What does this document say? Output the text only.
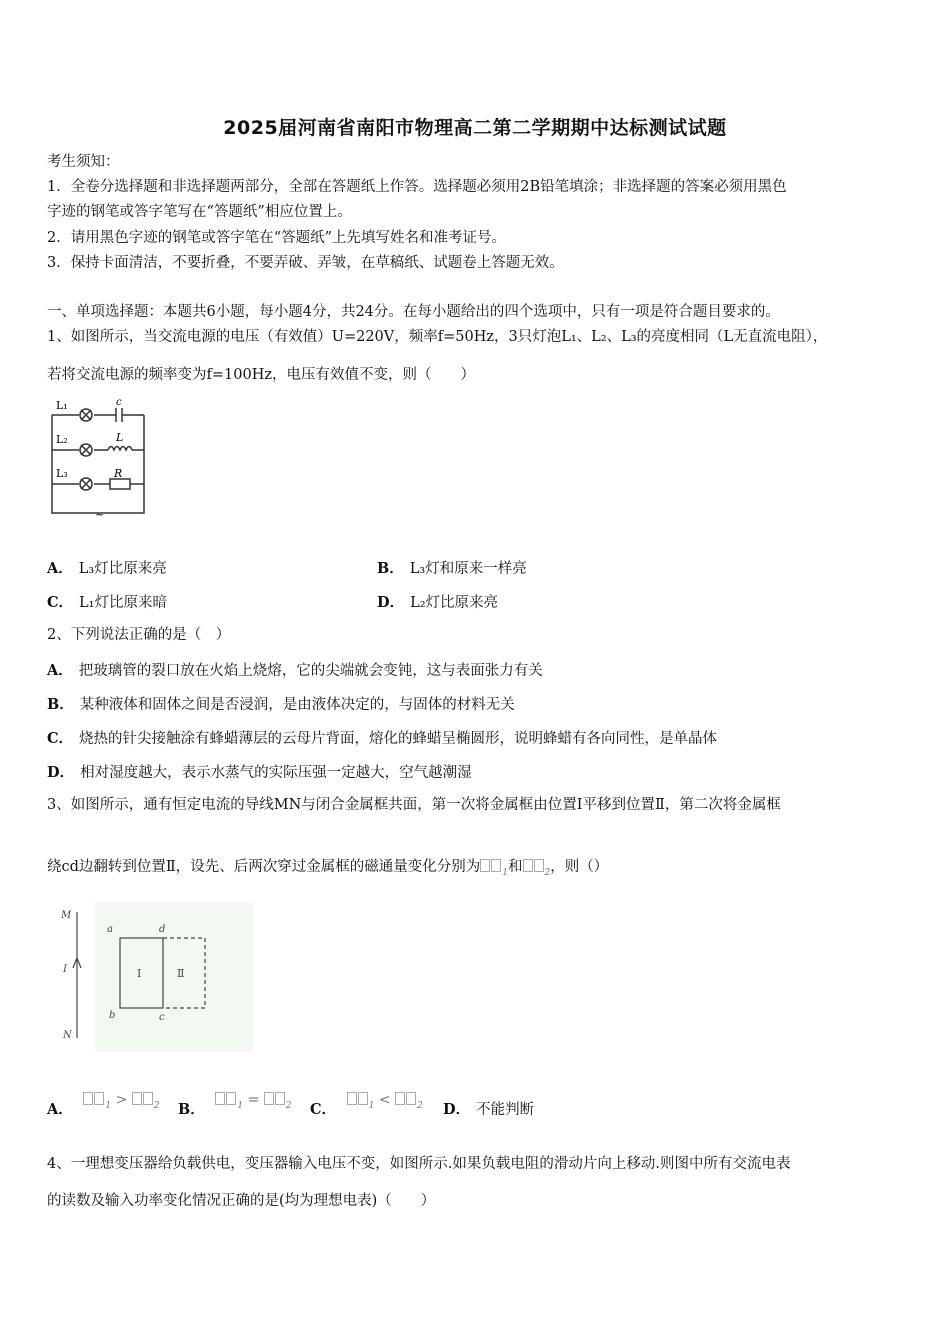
2025届河南省南阳市物理高二第二学期期中达标测试试题
考生须知：
1．全卷分选择题和非选择题两部分，全部在答题纸上作答。选择题必须用2B铅笔填涂；非选择题的答案必须用黑色
字迹的钢笔或答字笔写在“答题纸”相应位置上。
2．请用黑色字迹的钢笔或答字笔在“答题纸”上先填写姓名和准考证号。
3．保持卡面清洁，不要折叠，不要弄破、弄皱，在草稿纸、试题卷上答题无效。
一、单项选择题：本题共6小题，每小题4分，共24分。在每小题给出的四个选项中，只有一项是符合题目要求的。
1、如图所示，当交流电源的电压（有效值）U=220V，频率f=50Hz，3只灯泡L₁、L₂、L₃的亮度相同（L无直流电阻），
若将交流电源的频率变为f=100Hz，电压有效值不变，则（　　）
L₁	c
L₂	L
L₃	R
~
A． L₃灯比原来亮	B． L₃灯和原来一样亮
C． L₁灯比原来暗	D． L₂灯比原来亮
2、下列说法正确的是（　）
A． 把玻璃管的裂口放在火焰上烧熔，它的尖端就会变钝，这与表面张力有关
B． 某种液体和固体之间是否浸润，是由液体决定的，与固体的材料无关
C． 烧热的针尖接触涂有蜂蜡薄层的云母片背面，熔化的蜂蜡呈椭圆形，说明蜂蜡有各向同性，是单晶体
D． 相对湿度越大，表示水蒸气的实际压强一定越大，空气越潮湿
3、如图所示，通有恒定电流的导线MN与闭合金属框共面，第一次将金属框由位置Ⅰ平移到位置Ⅱ，第二次将金属框
绕cd边翻转到位置Ⅱ，设先、后两次穿过金属框的磁通量变化分别为 $_1$和 $_2$，则（）
M
I
N
a	d
b	c
Ⅰ	Ⅱ
A．	$_1$ >	$_2$ B．	$_1$ =	$_2$ C．	$_1$ <	$_2$ D． 不能判断
4、一理想变压器给负载供电，变压器输入电压不变，如图所示.如果负载电阻的滑动片向上移动.则图中所有交流电表
的读数及输入功率变化情况正确的是(均为理想电表)（　　）
